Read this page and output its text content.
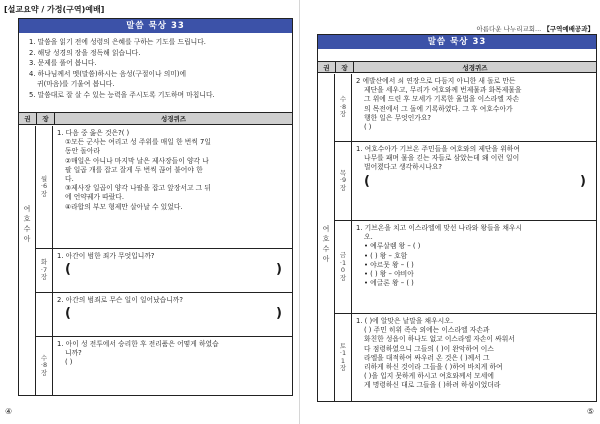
[설교요약 / 가정(구역)예배]
말씀 묵상 33
1. 말씀을 읽기 전에 성령의 은혜를 구하는 기도를 드립니다.
2. 해당 성경의 장을 정독해 읽습니다.
3. 문제를 풀어 봅니다.
4. 하나님께서 멧(말씀)하시는 음성(구절이나 의미)에
귀(마음)를 기울여 봅니다.
5. 말씀대로 잘 살 수 있는 능력을 주시도록 기도하며 마칩니다.
권	장	성경퀴즈
여호수아
월·6장
1. 다음 중 옳은 것은?( )
①모든 군사는 여리고 성 주위를 매일 한 번씩 7일
동안 돌아라
②매일은 아니나 마지막 날은 제사장들이 양각 나
팔 일곱 개를 잡고 잘게 두 번씩 끊어 불어야 한
다.
③제사장 일곱이 양각 나팔을 잡고 앞장서고 그 뒤
에 언약궤가 따랐다.
④라합의 부모 형제만 살아날 수 있었다.
화·7장
1. 아간이 범한 죄가 무엇입니까?
(	)
2. 아간의 범죄로 무슨 일이 일어났습니까?
(	)
수·8장
1. 아이 성 전투에서 승리한 후 전리품은 어떻게 하였습
니까?
( )
④
아름다운 나누리교회... 【구역예배공과】
말씀 묵상 33
권	장	성경퀴즈
여호수아
수·8장
2 에발산에서 쇠 연장으로 다듬지 아니한 새 돌로 만든
제단을 세우고, 무리가 여호와께 번제물과 화목제물을
그 위에 드린 후 모세가 기록한 율법을 이스라엘 자손
의 목전에서 그 돌에 기록하였다. 그 후 여호수아가
행한 일은 무엇인가요?
( )
목·9장
1. 여호수아가 기브온 주민들을 여호와의 제단을 위하여
나무를 패며 물을 긷는 자들로 삼았는데 왜 이런 일이
벌어졌다고 생각하시나요?
(	)
금·10장
1. 기브온을 치고 이스라엘에 맞선 나라와 왕들을 채우시
오.
• 예루살렘 왕 – ( )
• ( ) 왕 – 호함
• 야르뭇 왕 – ( )
• ( ) 왕 – 야비아
• 에글론 왕 – ( )
토·11장
1. ( )에 알맞은 낱말을 채우시오.
( ) 주민 히위 족속 외에는 이스라엘 자손과
화친한 성읍이 하나도 없고 이스라엘 자손이 싸워서
다 점령하였으니 그들의 ( )이 완악하여 이스
라엘을 대적하여 싸우러 온 것은 ( )께서 그
리하게 하신 것이라 그들을 ( )하여 바치게 하여
( )을 입지 못하게 하시고 여호와께서 모세에
게 명령하신 대로 그들을 ( )하려 하심이었더라
⑤
